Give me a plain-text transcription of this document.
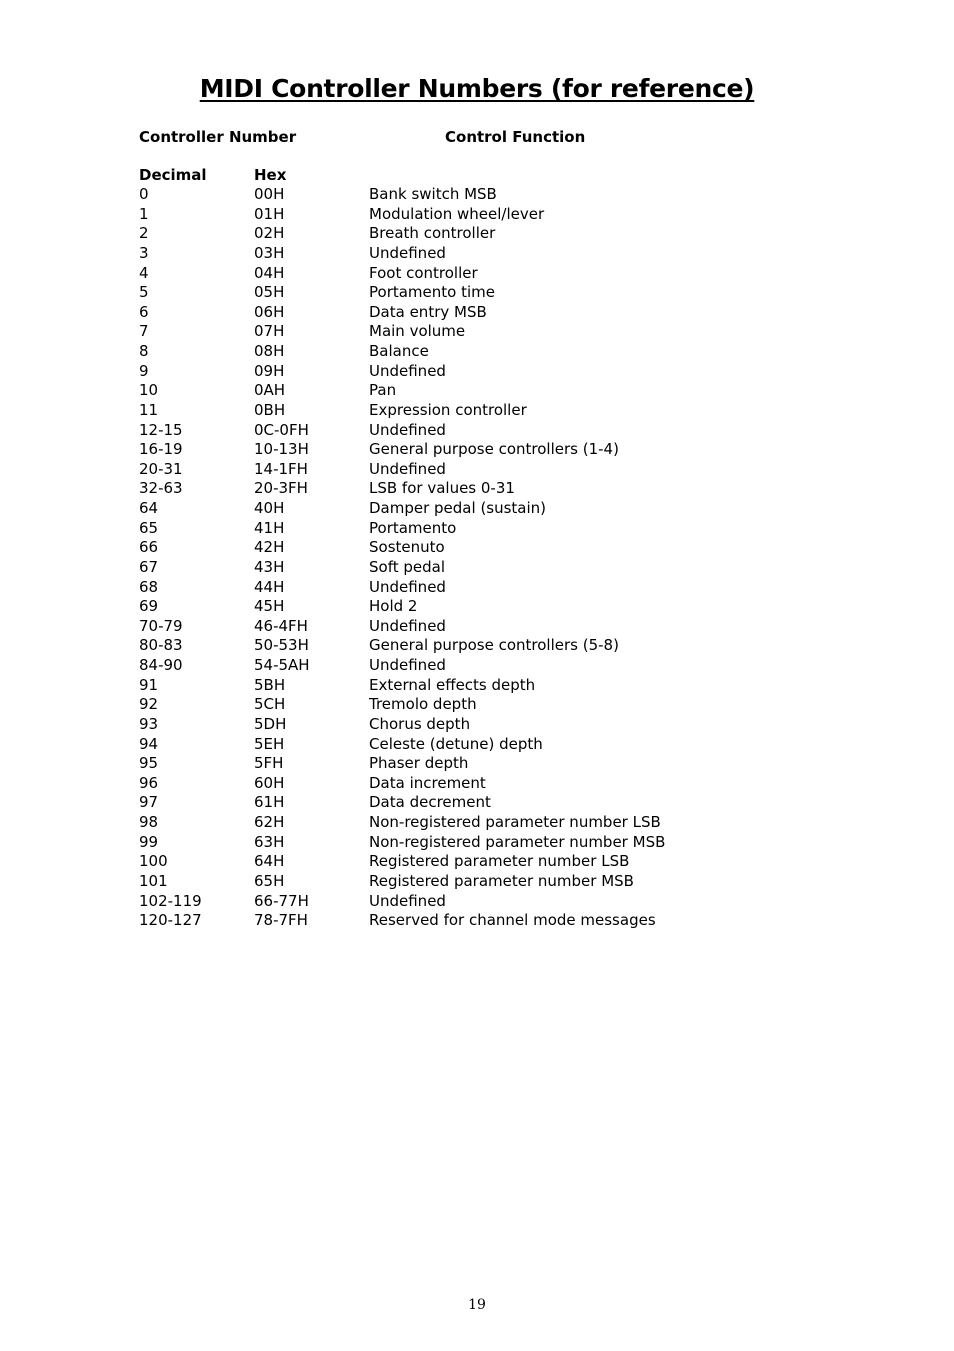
MIDI Controller Numbers (for reference)
Controller Number	Control Function
Decimal	Hex
0	00H	Bank switch MSB
1	01H	Modulation wheel/lever
2	02H	Breath controller
3	03H	Undefined
4	04H	Foot controller
5	05H	Portamento time
6	06H	Data entry MSB
7	07H	Main volume
8	08H	Balance
9	09H	Undefined
10	0AH	Pan
11	0BH	Expression controller
12-15	0C-0FH	Undefined
16-19	10-13H	General purpose controllers (1-4)
20-31	14-1FH	Undefined
32-63	20-3FH	LSB for values 0-31
64	40H	Damper pedal (sustain)
65	41H	Portamento
66	42H	Sostenuto
67	43H	Soft pedal
68	44H	Undefined
69	45H	Hold 2
70-79	46-4FH	Undefined
80-83	50-53H	General purpose controllers (5-8)
84-90	54-5AH	Undefined
91	5BH	External effects depth
92	5CH	Tremolo depth
93	5DH	Chorus depth
94	5EH	Celeste (detune) depth
95	5FH	Phaser depth
96	60H	Data increment
97	61H	Data decrement
98	62H	Non-registered parameter number LSB
99	63H	Non-registered parameter number MSB
100	64H	Registered parameter number LSB
101	65H	Registered parameter number MSB
102-119	66-77H	Undefined
120-127	78-7FH	Reserved for channel mode messages
19
